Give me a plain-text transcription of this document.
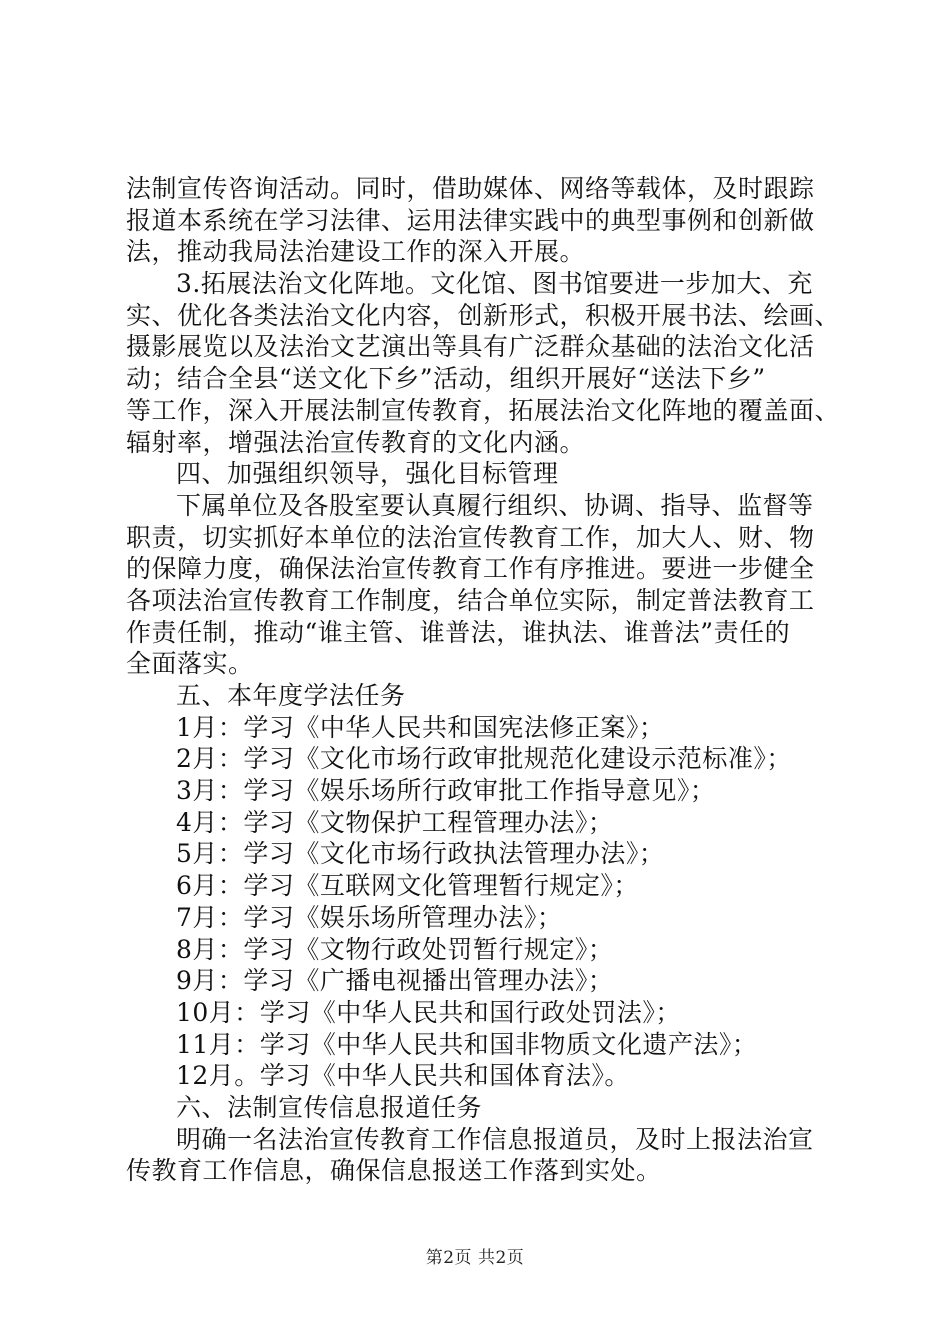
法制宣传咨询活动。同时，借助媒体、网络等载体，及时跟踪
报道本系统在学习法律、运用法律实践中的典型事例和创新做
法，推动我局法治建设工作的深入开展。
3.拓展法治文化阵地。文化馆、图书馆要进一步加大、充
实、优化各类法治文化内容，创新形式，积极开展书法、绘画、
摄影展览以及法治文艺演出等具有广泛群众基础的法治文化活
动；结合全县“送文化下乡”活动，组织开展好“送法下乡”
等工作，深入开展法制宣传教育，拓展法治文化阵地的覆盖面、
辐射率，增强法治宣传教育的文化内涵。
四、加强组织领导，强化目标管理
下属单位及各股室要认真履行组织、协调、指导、监督等
职责，切实抓好本单位的法治宣传教育工作，加大人、财、物
的保障力度，确保法治宣传教育工作有序推进。要进一步健全
各项法治宣传教育工作制度，结合单位实际，制定普法教育工
作责任制，推动“谁主管、谁普法，谁执法、谁普法”责任的
全面落实。
五、本年度学法任务
1月：学习《中华人民共和国宪法修正案》；
2月：学习《文化市场行政审批规范化建设示范标准》；
3月：学习《娱乐场所行政审批工作指导意见》；
4月：学习《文物保护工程管理办法》；
5月：学习《文化市场行政执法管理办法》；
6月：学习《互联网文化管理暂行规定》；
7月：学习《娱乐场所管理办法》；
8月：学习《文物行政处罚暂行规定》；
9月：学习《广播电视播出管理办法》；
10月：学习《中华人民共和国行政处罚法》；
11月：学习《中华人民共和国非物质文化遗产法》；
12月。学习《中华人民共和国体育法》。
六、法制宣传信息报道任务
明确一名法治宣传教育工作信息报道员，及时上报法治宣
传教育工作信息，确保信息报送工作落到实处。
第2页 共2页
